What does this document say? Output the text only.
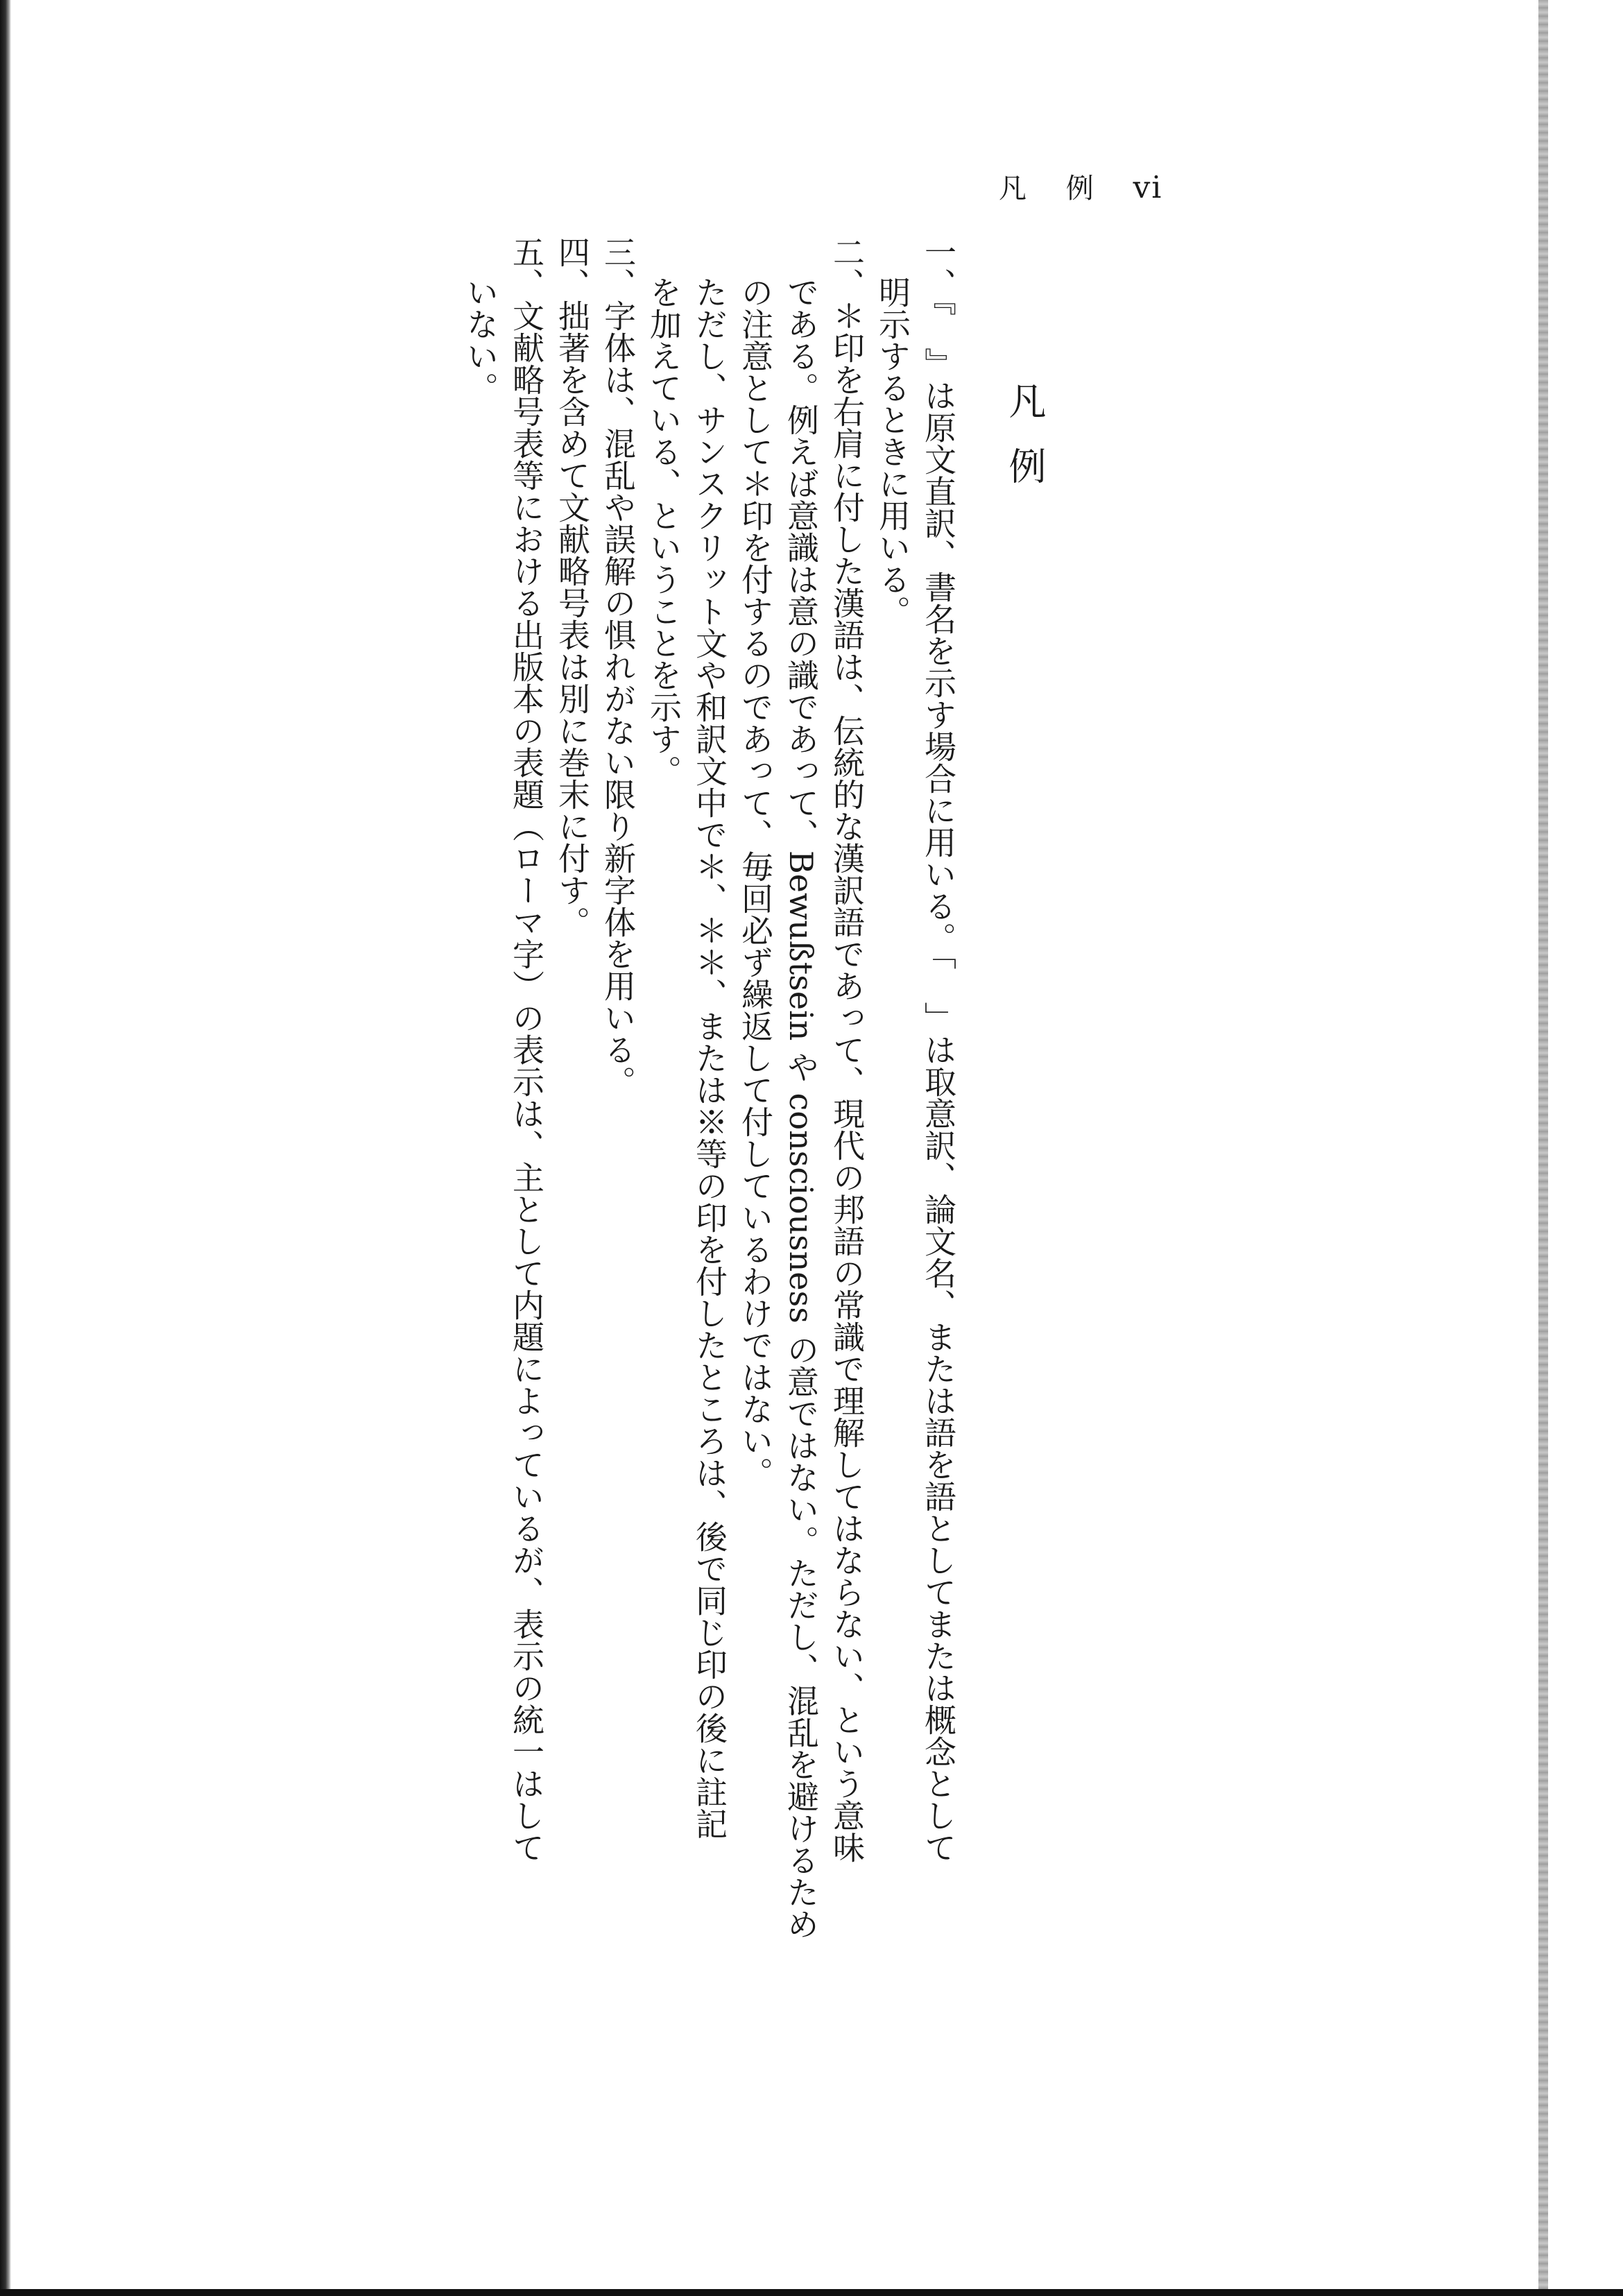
凡 例 vi
凡例
一、『　』は原文直訳、書名を示す場合に用いる。「　」は取意訳、論文名、または語を語としてまたは概念として
明示するときに用いる。
二、＊印を右肩に付した漢語は、伝統的な漢訳語であって、現代の邦語の常識で理解してはならない、という意味
である。例えば意識は意の識であって、Bewußtsein や consciousness の意ではない。ただし、混乱を避けるため
の注意として＊印を付するのであって、毎回必ず繰返して付しているわけではない。
ただし、サンスクリット文や和訳文中で＊、＊＊、または※等の印を付したところは、後で同じ印の後に註記
を加えている、ということを示す。
三、字体は、混乱や誤解の惧れがない限り新字体を用いる。
四、拙著を含めて文献略号表は別に巻末に付す。
五、文献略号表等における出版本の表題（ローマ字）の表示は、主として内題によっているが、表示の統一はして
いない。
